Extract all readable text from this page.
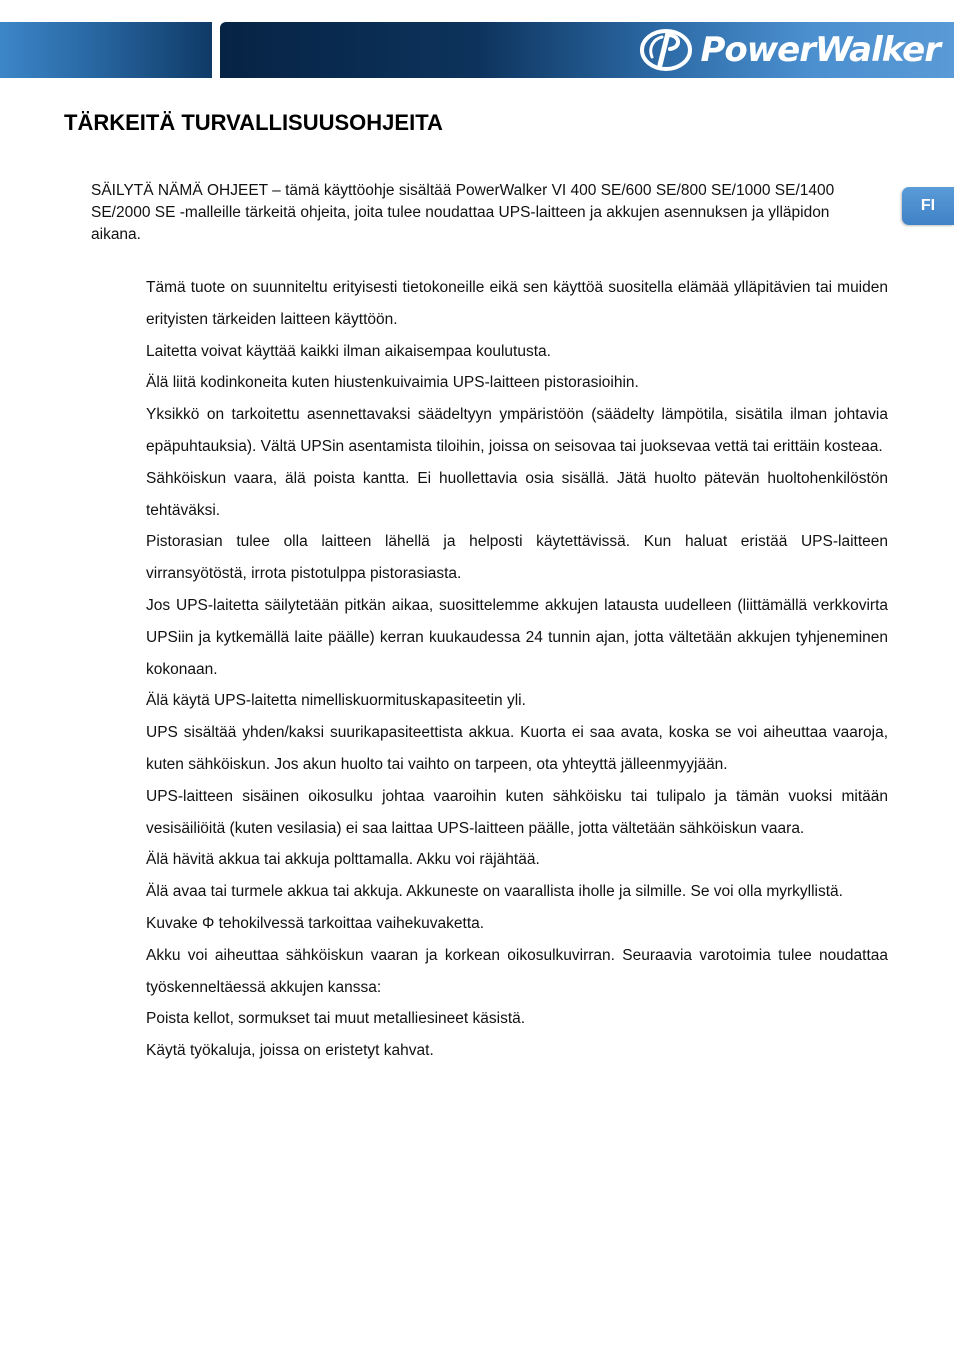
PowerWalker
FI
TÄRKEITÄ TURVALLISUUSOHJEITA

SÄILYTÄ NÄMÄ OHJEET – tämä käyttöohje sisältää PowerWalker VI 400 SE/600 SE/800 SE/1000 SE/1400 SE/2000 SE -malleille tärkeitä ohjeita, joita tulee noudattaa UPS-laitteen ja akkujen asennuksen ja ylläpidon aikana.

Tämä tuote on suunniteltu erityisesti tietokoneille eikä sen käyttöä suositella elämää ylläpitävien tai muiden erityisten tärkeiden laitteen käyttöön.
Laitetta voivat käyttää kaikki ilman aikaisempaa koulutusta.
Älä liitä kodinkoneita kuten hiustenkuivaimia UPS-laitteen pistorasioihin.
Yksikkö on tarkoitettu asennettavaksi säädeltyyn ympäristöön (säädelty lämpötila, sisätila ilman johtavia epäpuhtauksia). Vältä UPSin asentamista tiloihin, joissa on seisovaa tai juoksevaa vettä tai erittäin kosteaa.
Sähköiskun vaara, älä poista kantta. Ei huollettavia osia sisällä. Jätä huolto pätevän huoltohenkilöstön tehtäväksi.
Pistorasian tulee olla laitteen lähellä ja helposti käytettävissä. Kun haluat eristää UPS-laitteen virransyötöstä, irrota pistotulppa pistorasiasta.
Jos UPS-laitetta säilytetään pitkän aikaa, suosittelemme akkujen latausta uudelleen (liittämällä verkkovirta UPSiin ja kytkemällä laite päälle) kerran kuukaudessa 24 tunnin ajan, jotta vältetään akkujen tyhjeneminen kokonaan.
Älä käytä UPS-laitetta nimelliskuormituskapasiteetin yli.
UPS sisältää yhden/kaksi suurikapasiteettista akkua. Kuorta ei saa avata, koska se voi aiheuttaa vaaroja, kuten sähköiskun. Jos akun huolto tai vaihto on tarpeen, ota yhteyttä jälleenmyyjään.
UPS-laitteen sisäinen oikosulku johtaa vaaroihin kuten sähköisku tai tulipalo ja tämän vuoksi mitään vesisäiliöitä (kuten vesilasia) ei saa laittaa UPS-laitteen päälle, jotta vältetään sähköiskun vaara.
Älä hävitä akkua tai akkuja polttamalla. Akku voi räjähtää.
Älä avaa tai turmele akkua tai akkuja. Akkuneste on vaarallista iholle ja silmille. Se voi olla myrkyllistä.
Kuvake Φ tehokilvessä tarkoittaa vaihekuvaketta.
Akku voi aiheuttaa sähköiskun vaaran ja korkean oikosulkuvirran. Seuraavia varotoimia tulee noudattaa työskenneltäessä akkujen kanssa:
Poista kellot, sormukset tai muut metalliesineet käsistä.
Käytä työkaluja, joissa on eristetyt kahvat.
